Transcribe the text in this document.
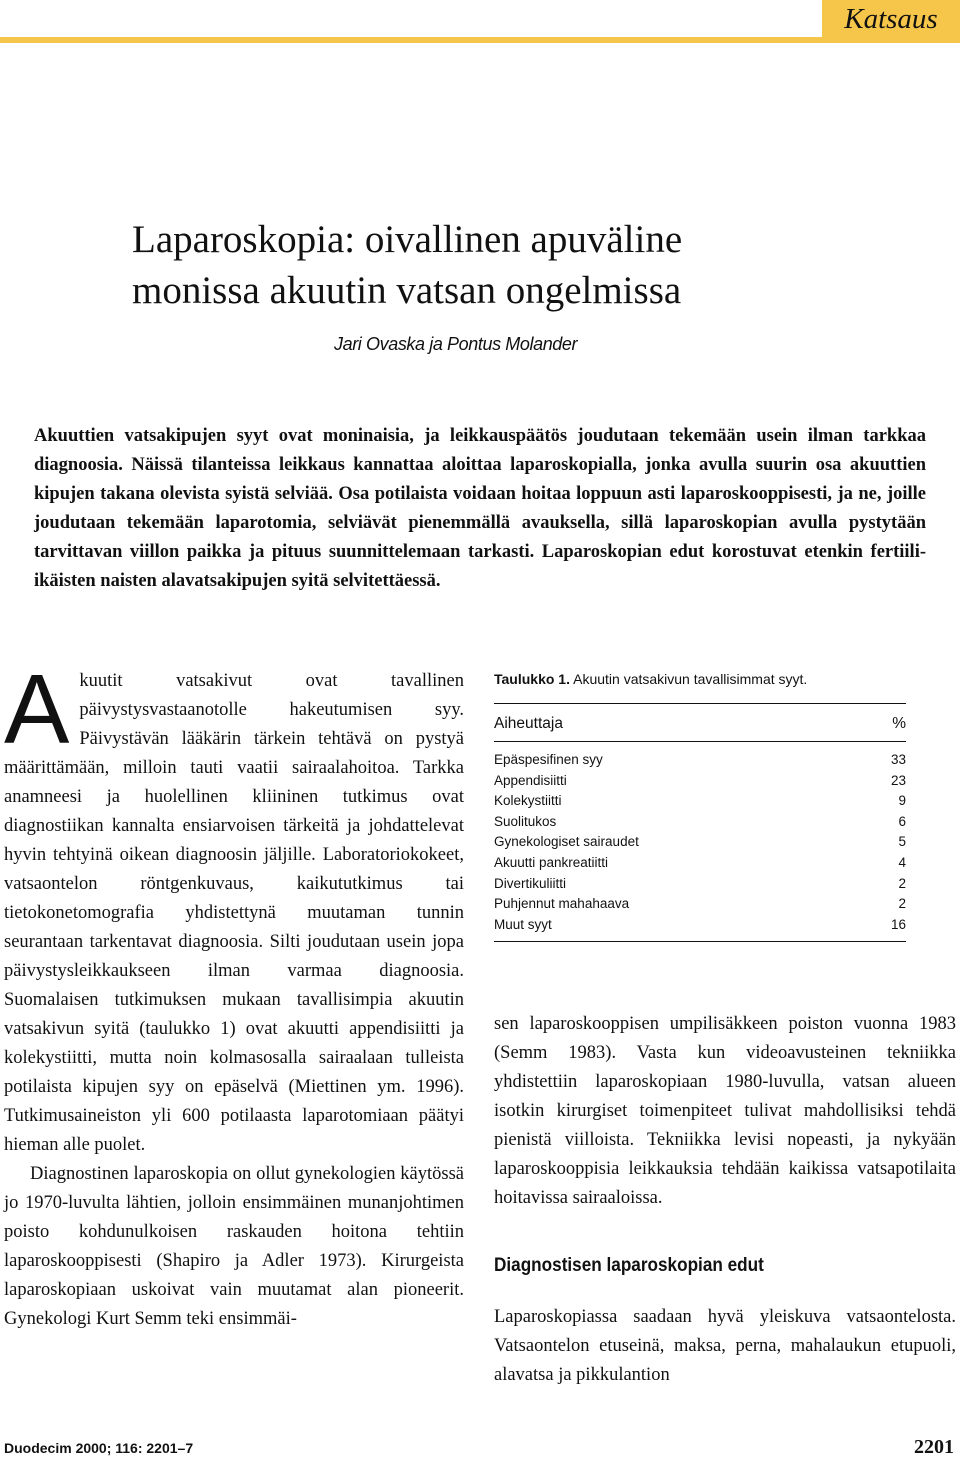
Katsaus
Laparoskopia: oivallinen apuväline
monissa akuutin vatsan ongelmissa
Jari Ovaska ja Pontus Molander

Akuuttien vatsakipujen syyt ovat moninaisia, ja leikkauspäätös joudutaan tekemään usein ilman tarkkaa diagnoosia. Näissä tilanteissa leikkaus kannattaa aloittaa laparoskopialla, jonka avulla suurin osa akuuttien kipujen takana olevista syistä selviää. Osa potilaista voidaan hoitaa loppuun asti laparoskooppisesti, ja ne, joille joudutaan tekemään laparotomia, selviävät pienemmällä avauksella, sillä laparoskopian avulla pystytään tarvittavan viillon paikka ja pituus suunnittelemaan tarkasti. Laparoskopian edut korostuvat etenkin fertiili-ikäisten naisten alavatsakipujen syitä selvitettäessä.

Akuutit vatsakivut ovat tavallinen päivystysvastaanotolle hakeutumisen syy. Päivystävän lääkärin tärkein tehtävä on pystyä määrittämään, milloin tauti vaatii sairaalahoitoa. Tarkka anamneesi ja huolellinen kliininen tutkimus ovat diagnostiikan kannalta ensiarvoisen tärkeitä ja johdattelevat hyvin tehtyinä oikean diagnoosin jäljille. Laboratoriokokeet, vatsaontelon röntgenkuvaus, kaikututkimus tai tietokonetomografia yhdistettynä muutaman tunnin seurantaan tarkentavat diagnoosia. Silti joudutaan usein jopa päivystysleikkaukseen ilman varmaa diagnoosia. Suomalaisen tutkimuksen mukaan tavallisimpia akuutin vatsakivun syitä (taulukko 1) ovat akuutti appendisiitti ja kolekystiitti, mutta noin kolmasosalla sairaalaan tulleista potilaista kipujen syy on epäselvä (Miettinen ym. 1996). Tutkimusaineiston yli 600 potilaasta laparotomiaan päätyi hieman alle puolet.

Diagnostinen laparoskopia on ollut gynekologien käytössä jo 1970-luvulta lähtien, jolloin ensimmäinen munanjohtimen poisto kohdunulkoisen raskauden hoitona tehtiin laparoskooppisesti (Shapiro ja Adler 1973). Kirurgeista laparoskopiaan uskoivat vain muutamat alan pioneerit. Gynekologi Kurt Semm teki ensimmäi-

Taulukko 1. Akuutin vatsakivun tavallisimmat syyt.
Aiheuttaja	%
Epäspesifinen syy	33
Appendisiitti	23
Kolekystiitti	9
Suolitukos	6
Gynekologiset sairaudet	5
Akuutti pankreatiitti	4
Divertikuliitti	2
Puhjennut mahahaava	2
Muut syyt	16

sen laparoskooppisen umpilisäkkeen poiston vuonna 1983 (Semm 1983). Vasta kun videoavusteinen tekniikka yhdistettiin laparoskopiaan 1980-luvulla, vatsan alueen isotkin kirurgiset toimenpiteet tulivat mahdollisiksi tehdä pienistä viilloista. Tekniikka levisi nopeasti, ja nykyään laparoskooppisia leikkauksia tehdään kaikissa vatsapotilaita hoitavissa sairaaloissa.

Diagnostisen laparoskopian edut

Laparoskopiassa saadaan hyvä yleiskuva vatsaontelosta. Vatsaontelon etuseinä, maksa, perna, mahalaukun etupuoli, alavatsa ja pikkulantion

Duodecim 2000; 116: 2201–7	2201
